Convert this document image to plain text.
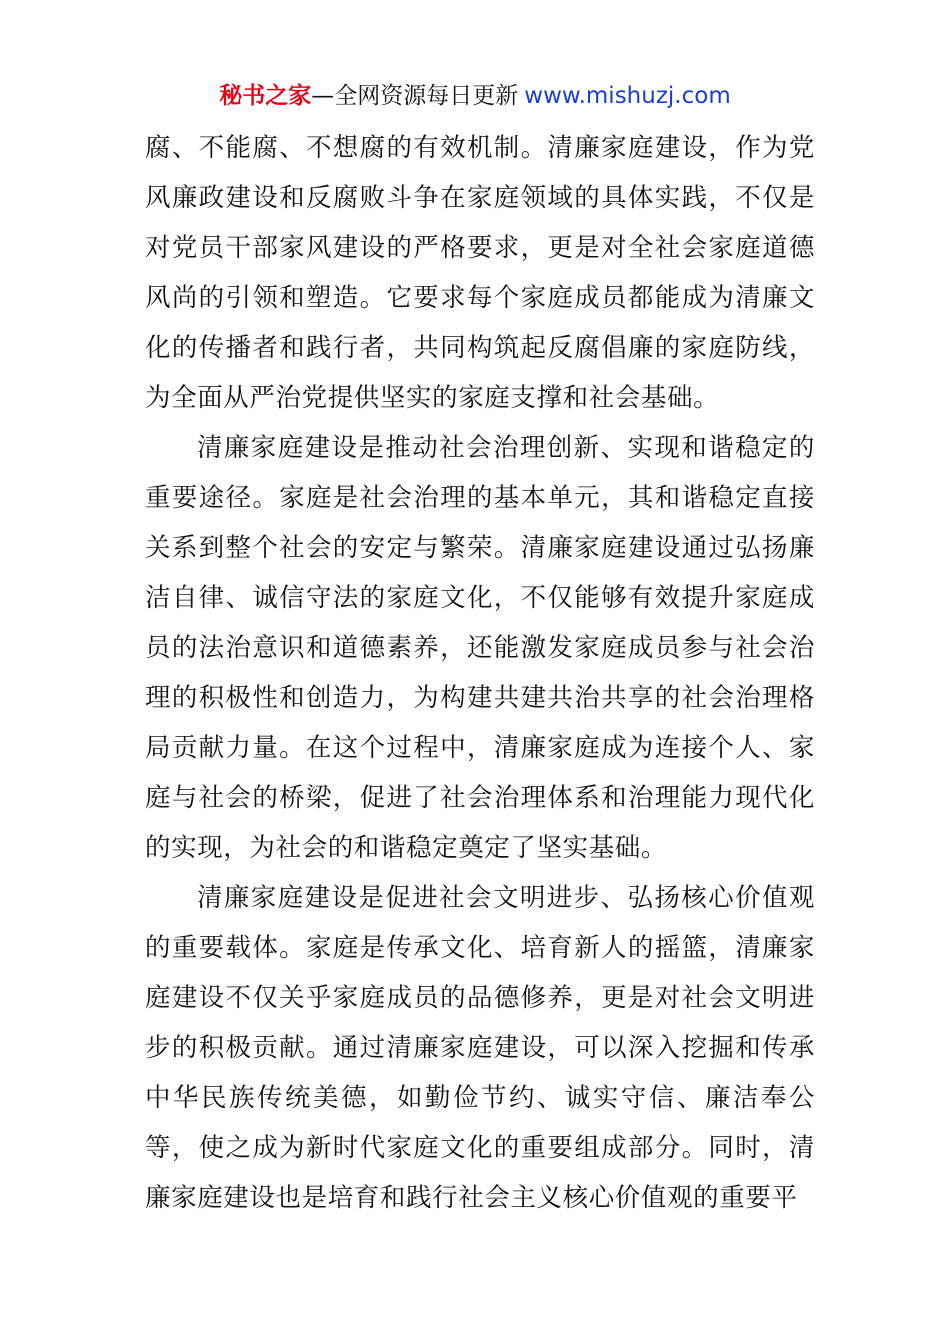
秘书之家—全网资源每日更新 www.mishuzj.com

腐、不能腐、不想腐的有效机制。清廉家庭建设，作为党风廉政建设和反腐败斗争在家庭领域的具体实践，不仅是对党员干部家风建设的严格要求，更是对全社会家庭道德风尚的引领和塑造。它要求每个家庭成员都能成为清廉文化的传播者和践行者，共同构筑起反腐倡廉的家庭防线，为全面从严治党提供坚实的家庭支撑和社会基础。

清廉家庭建设是推动社会治理创新、实现和谐稳定的重要途径。家庭是社会治理的基本单元，其和谐稳定直接关系到整个社会的安定与繁荣。清廉家庭建设通过弘扬廉洁自律、诚信守法的家庭文化，不仅能够有效提升家庭成员的法治意识和道德素养，还能激发家庭成员参与社会治理的积极性和创造力，为构建共建共治共享的社会治理格局贡献力量。在这个过程中，清廉家庭成为连接个人、家庭与社会的桥梁，促进了社会治理体系和治理能力现代化的实现，为社会的和谐稳定奠定了坚实基础。

清廉家庭建设是促进社会文明进步、弘扬核心价值观的重要载体。家庭是传承文化、培育新人的摇篮，清廉家庭建设不仅关乎家庭成员的品德修养，更是对社会文明进步的积极贡献。通过清廉家庭建设，可以深入挖掘和传承中华民族传统美德，如勤俭节约、诚实守信、廉洁奉公等，使之成为新时代家庭文化的重要组成部分。同时，清廉家庭建设也是培育和践行社会主义核心价值观的重要平
